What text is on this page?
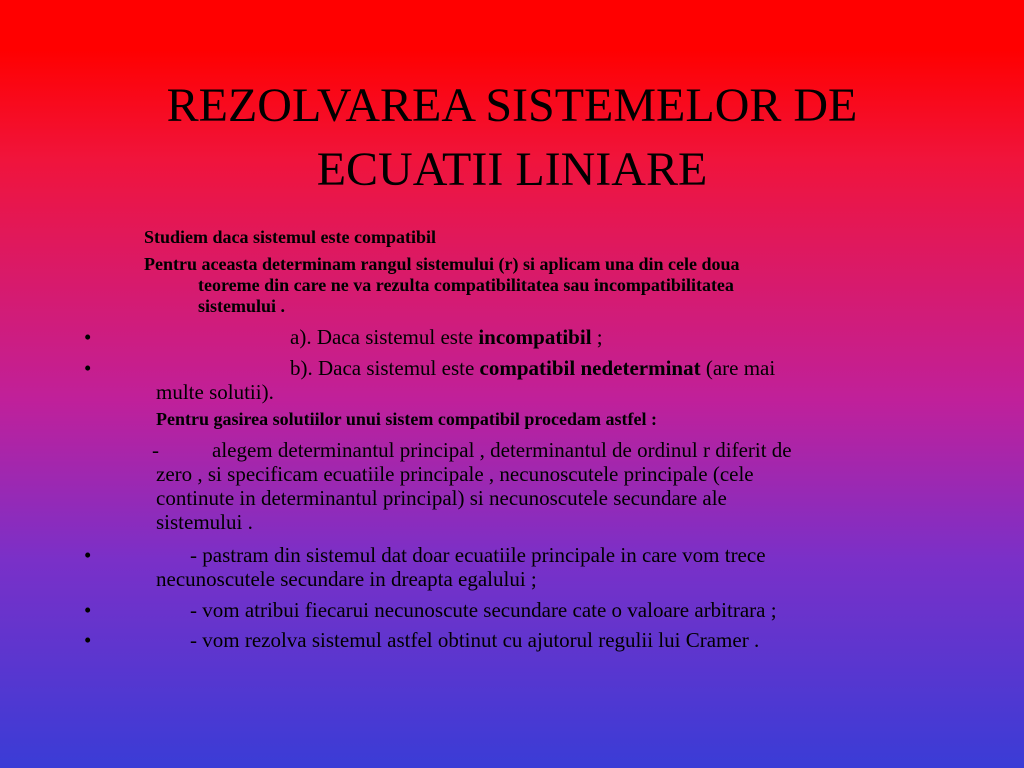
REZOLVAREA SISTEMELOR DE
ECUATII LINIARE
Studiem daca sistemul este compatibil
Pentru aceasta determinam rangul sistemului (r) si aplicam una din cele doua
teoreme din care ne va rezulta compatibilitatea sau incompatibilitatea
sistemului .
•	a). Daca sistemul este incompatibil ;
•	b). Daca sistemul este compatibil nedeterminat (are mai
multe solutii).
Pentru gasirea solutiilor unui sistem compatibil procedam astfel :
-	alegem determinantul principal , determinantul de ordinul r diferit de
zero , si specificam ecuatiile principale , necunoscutele principale (cele
continute in determinantul principal) si necunoscutele secundare ale
sistemului .
•	- pastram din sistemul dat doar ecuatiile principale in care vom trece
necunoscutele secundare in dreapta egalului ;
•	- vom atribui fiecarui necunoscute secundare cate o valoare arbitrara ;
•	- vom rezolva sistemul astfel obtinut cu ajutorul regulii lui Cramer .
